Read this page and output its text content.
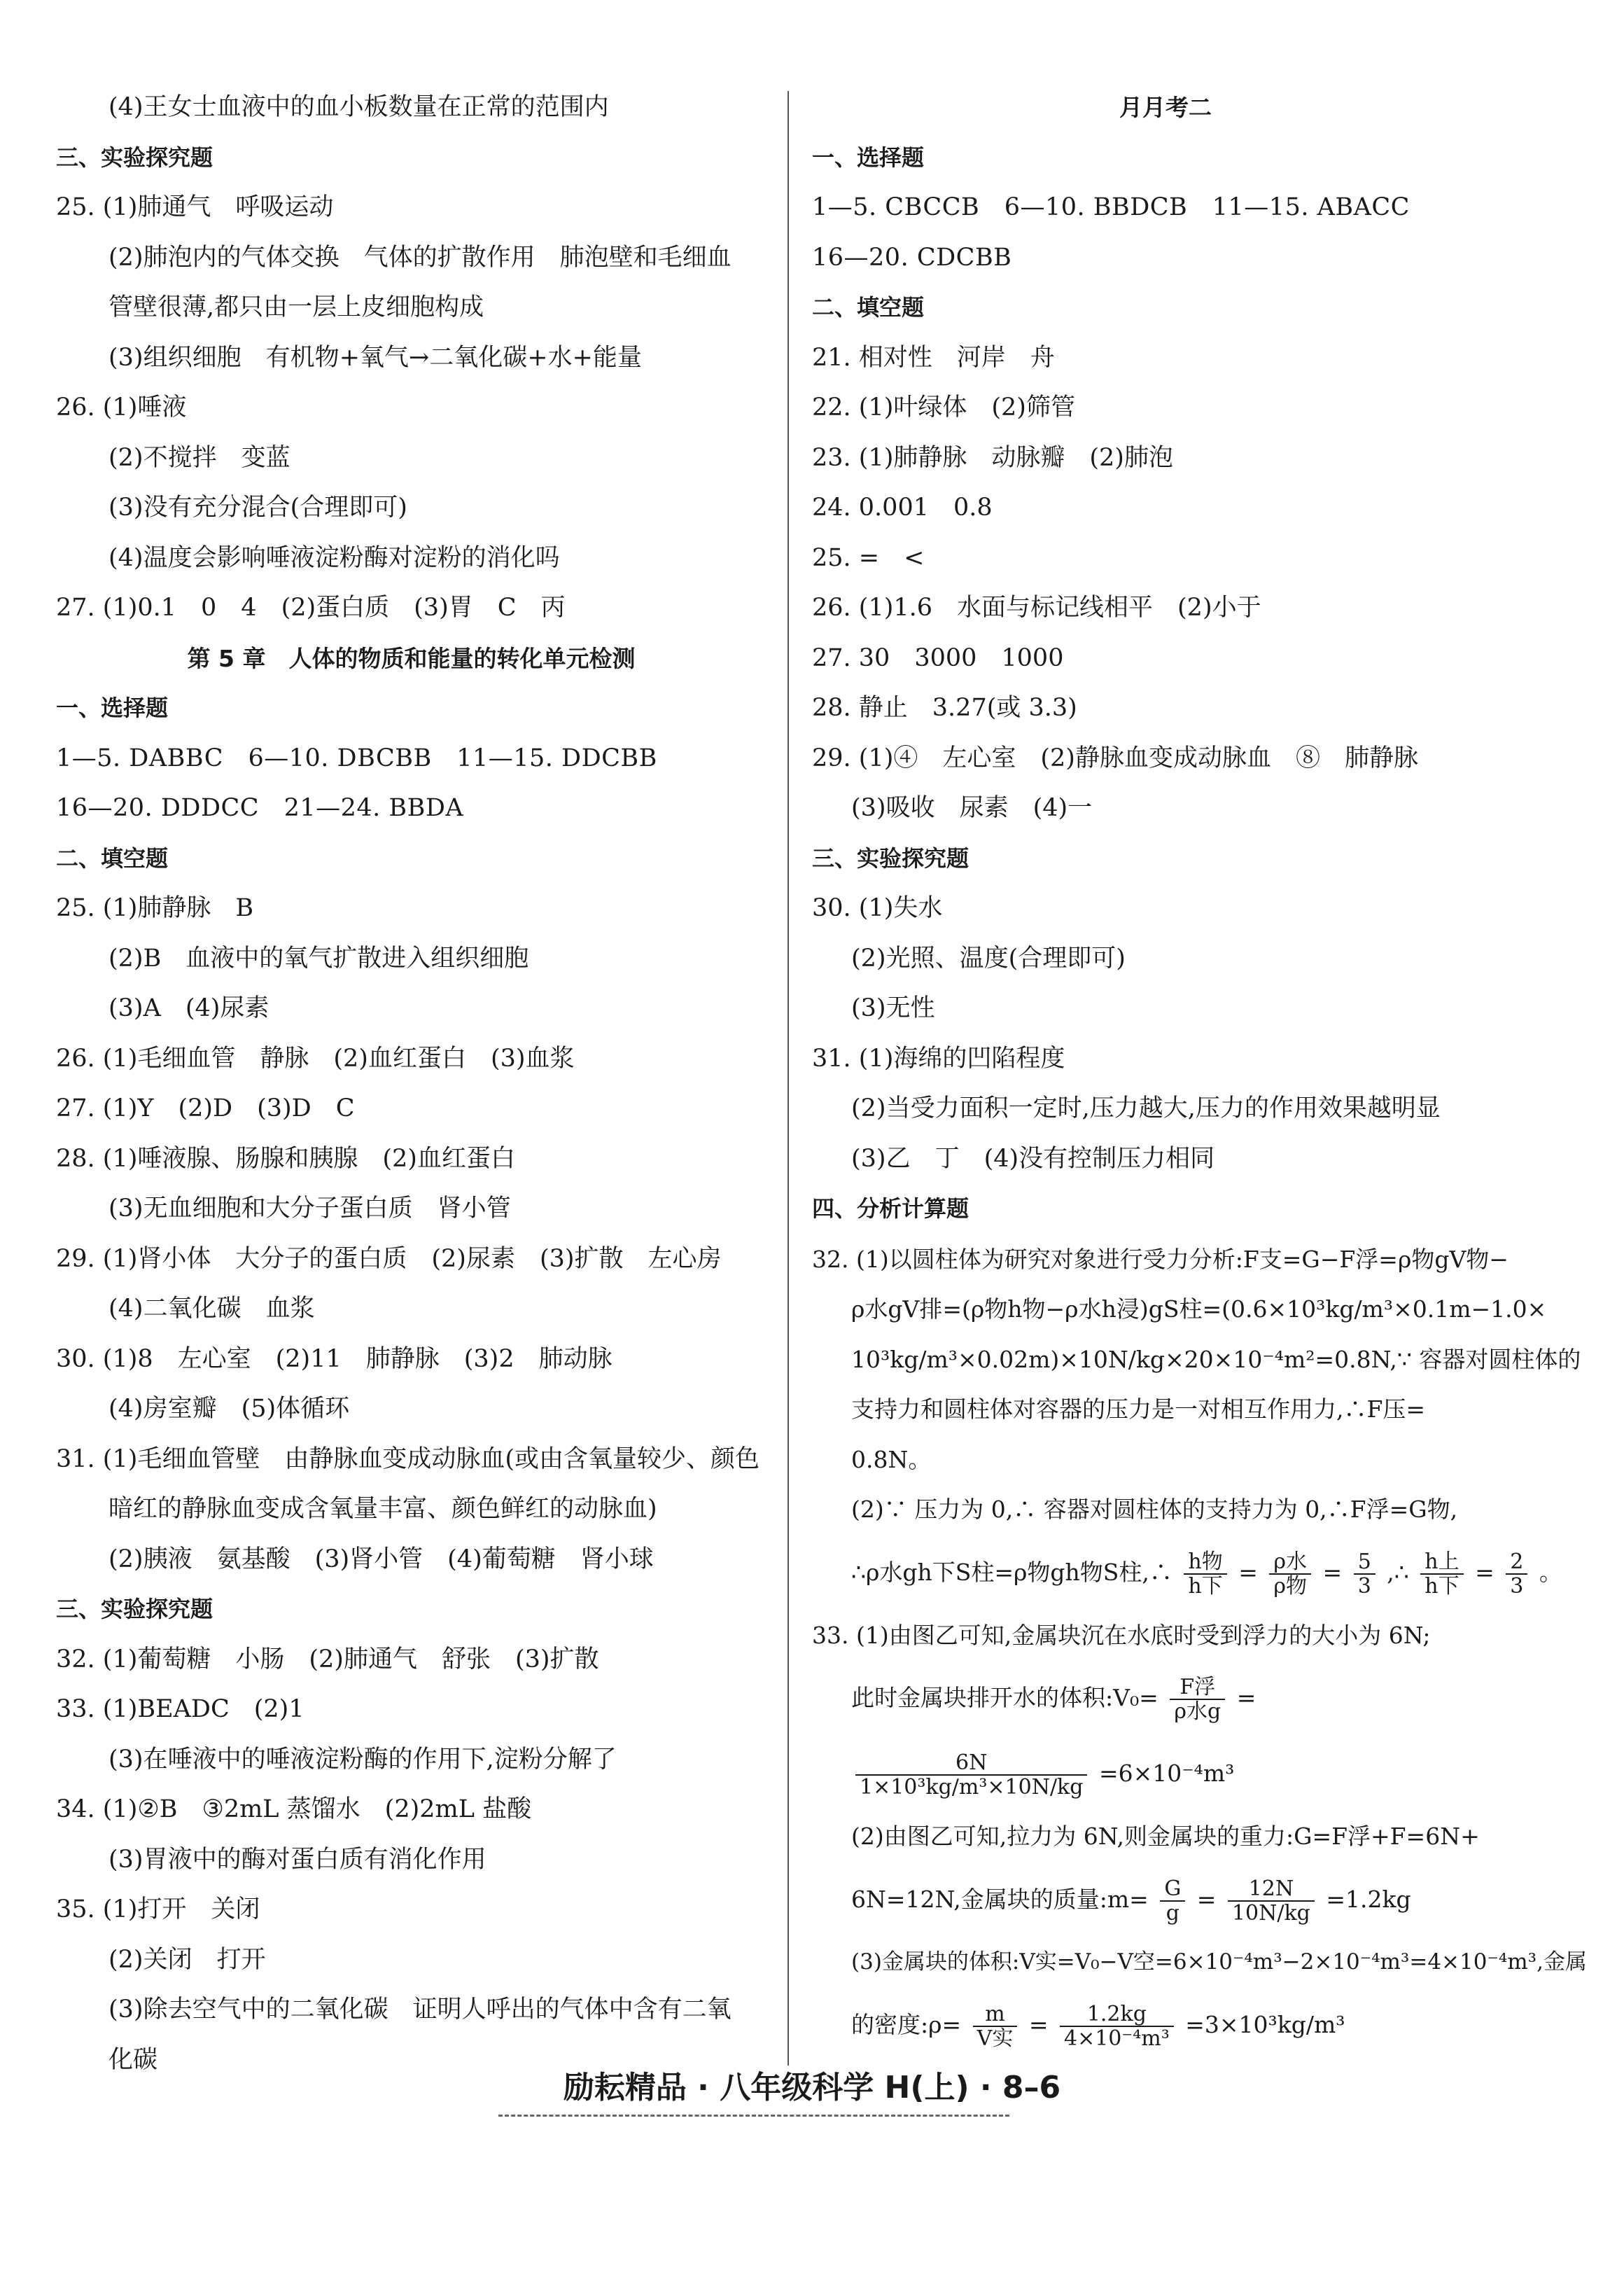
(4)王女士血液中的血小板数量在正常的范围内
三、实验探究题
25. (1)肺通气　呼吸运动
(2)肺泡内的气体交换　气体的扩散作用　肺泡壁和毛细血
管壁很薄,都只由一层上皮细胞构成
(3)组织细胞　有机物+氧气→二氧化碳+水+能量
26. (1)唾液
(2)不搅拌　变蓝
(3)没有充分混合(合理即可)
(4)温度会影响唾液淀粉酶对淀粉的消化吗
27. (1)0.1　0　4　(2)蛋白质　(3)胃　C　丙
第 5 章　人体的物质和能量的转化单元检测
一、选择题
1—5. DABBC　6—10. DBCBB　11—15. DDCBB
16—20. DDDCC　21—24. BBDA
二、填空题
25. (1)肺静脉　B
(2)B　血液中的氧气扩散进入组织细胞
(3)A　(4)尿素
26. (1)毛细血管　静脉　(2)血红蛋白　(3)血浆
27. (1)Y　(2)D　(3)D　C
28. (1)唾液腺、肠腺和胰腺　(2)血红蛋白
(3)无血细胞和大分子蛋白质　肾小管
29. (1)肾小体　大分子的蛋白质　(2)尿素　(3)扩散　左心房
(4)二氧化碳　血浆
30. (1)8　左心室　(2)11　肺静脉　(3)2　肺动脉
(4)房室瓣　(5)体循环
31. (1)毛细血管壁　由静脉血变成动脉血(或由含氧量较少、颜色
暗红的静脉血变成含氧量丰富、颜色鲜红的动脉血)
(2)胰液　氨基酸　(3)肾小管　(4)葡萄糖　肾小球
三、实验探究题
32. (1)葡萄糖　小肠　(2)肺通气　舒张　(3)扩散
33. (1)BEADC　(2)1
(3)在唾液中的唾液淀粉酶的作用下,淀粉分解了
34. (1)②B　③2mL 蒸馏水　(2)2mL 盐酸
(3)胃液中的酶对蛋白质有消化作用
35. (1)打开　关闭
(2)关闭　打开
(3)除去空气中的二氧化碳　证明人呼出的气体中含有二氧
化碳
月月考二
一、选择题
1—5. CBCCB　6—10. BBDCB　11—15. ABACC
16—20. CDCBB
二、填空题
21. 相对性　河岸　舟
22. (1)叶绿体　(2)筛管
23. (1)肺静脉　动脉瓣　(2)肺泡
24. 0.001　0.8
25. =　<
26. (1)1.6　水面与标记线相平　(2)小于
27. 30　3000　1000
28. 静止　3.27(或 3.3)
29. (1)④　左心室　(2)静脉血变成动脉血　⑧　肺静脉
(3)吸收　尿素　(4)一
三、实验探究题
30. (1)失水
(2)光照、温度(合理即可)
(3)无性
31. (1)海绵的凹陷程度
(2)当受力面积一定时,压力越大,压力的作用效果越明显
(3)乙　丁　(4)没有控制压力相同
四、分析计算题
32. (1)以圆柱体为研究对象进行受力分析:F支=G−F浮=ρ物gV物−
ρ水gV排=(ρ物h物−ρ水h浸)gS柱=(0.6×10³kg/m³×0.1m−1.0×
10³kg/m³×0.02m)×10N/kg×20×10⁻⁴m²=0.8N,∵ 容器对圆柱体的
支持力和圆柱体对容器的压力是一对相互作用力,∴F压=
0.8N。
(2)∵ 压力为 0,∴ 容器对圆柱体的支持力为 0,∴F浮=G物,
∴ρ水gh下S柱=ρ物gh物S柱,∴ $\frac{\text{h物}}{\text{h下}} = \frac{\text{ρ水}}{\text{ρ物}} = \frac{5}{3}$ ,∴ $\frac{\text{h上}}{\text{h下}} = \frac{2}{3}$ 。
33. (1)由图乙可知,金属块沉在水底时受到浮力的大小为 6N;
此时金属块排开水的体积:V₀= $\frac{\text{F浮}}{\text{ρ水g}}$ =
$\frac{6N}{\text{1×10³kg/m³×10N/kg}} =6\times 10^{-4}m^3$
(2)由图乙可知,拉力为 6N,则金属块的重力:G=F浮+F=6N+
6N=12N,金属块的质量:m= $\frac{G}{g} = \frac{12N}{10N/kg} =1.2kg$
(3)金属块的体积:V实=V₀−V空=6×10⁻⁴m³−2×10⁻⁴m³=4×10⁻⁴m³,金属
的密度:ρ= $\frac{m}{\text{V实}} = \frac{1.2kg}{\text{4×10⁻⁴m³}} =3\times 10^3kg/m^3$
励耘精品 · 八年级科学 H(上) · 8–6
